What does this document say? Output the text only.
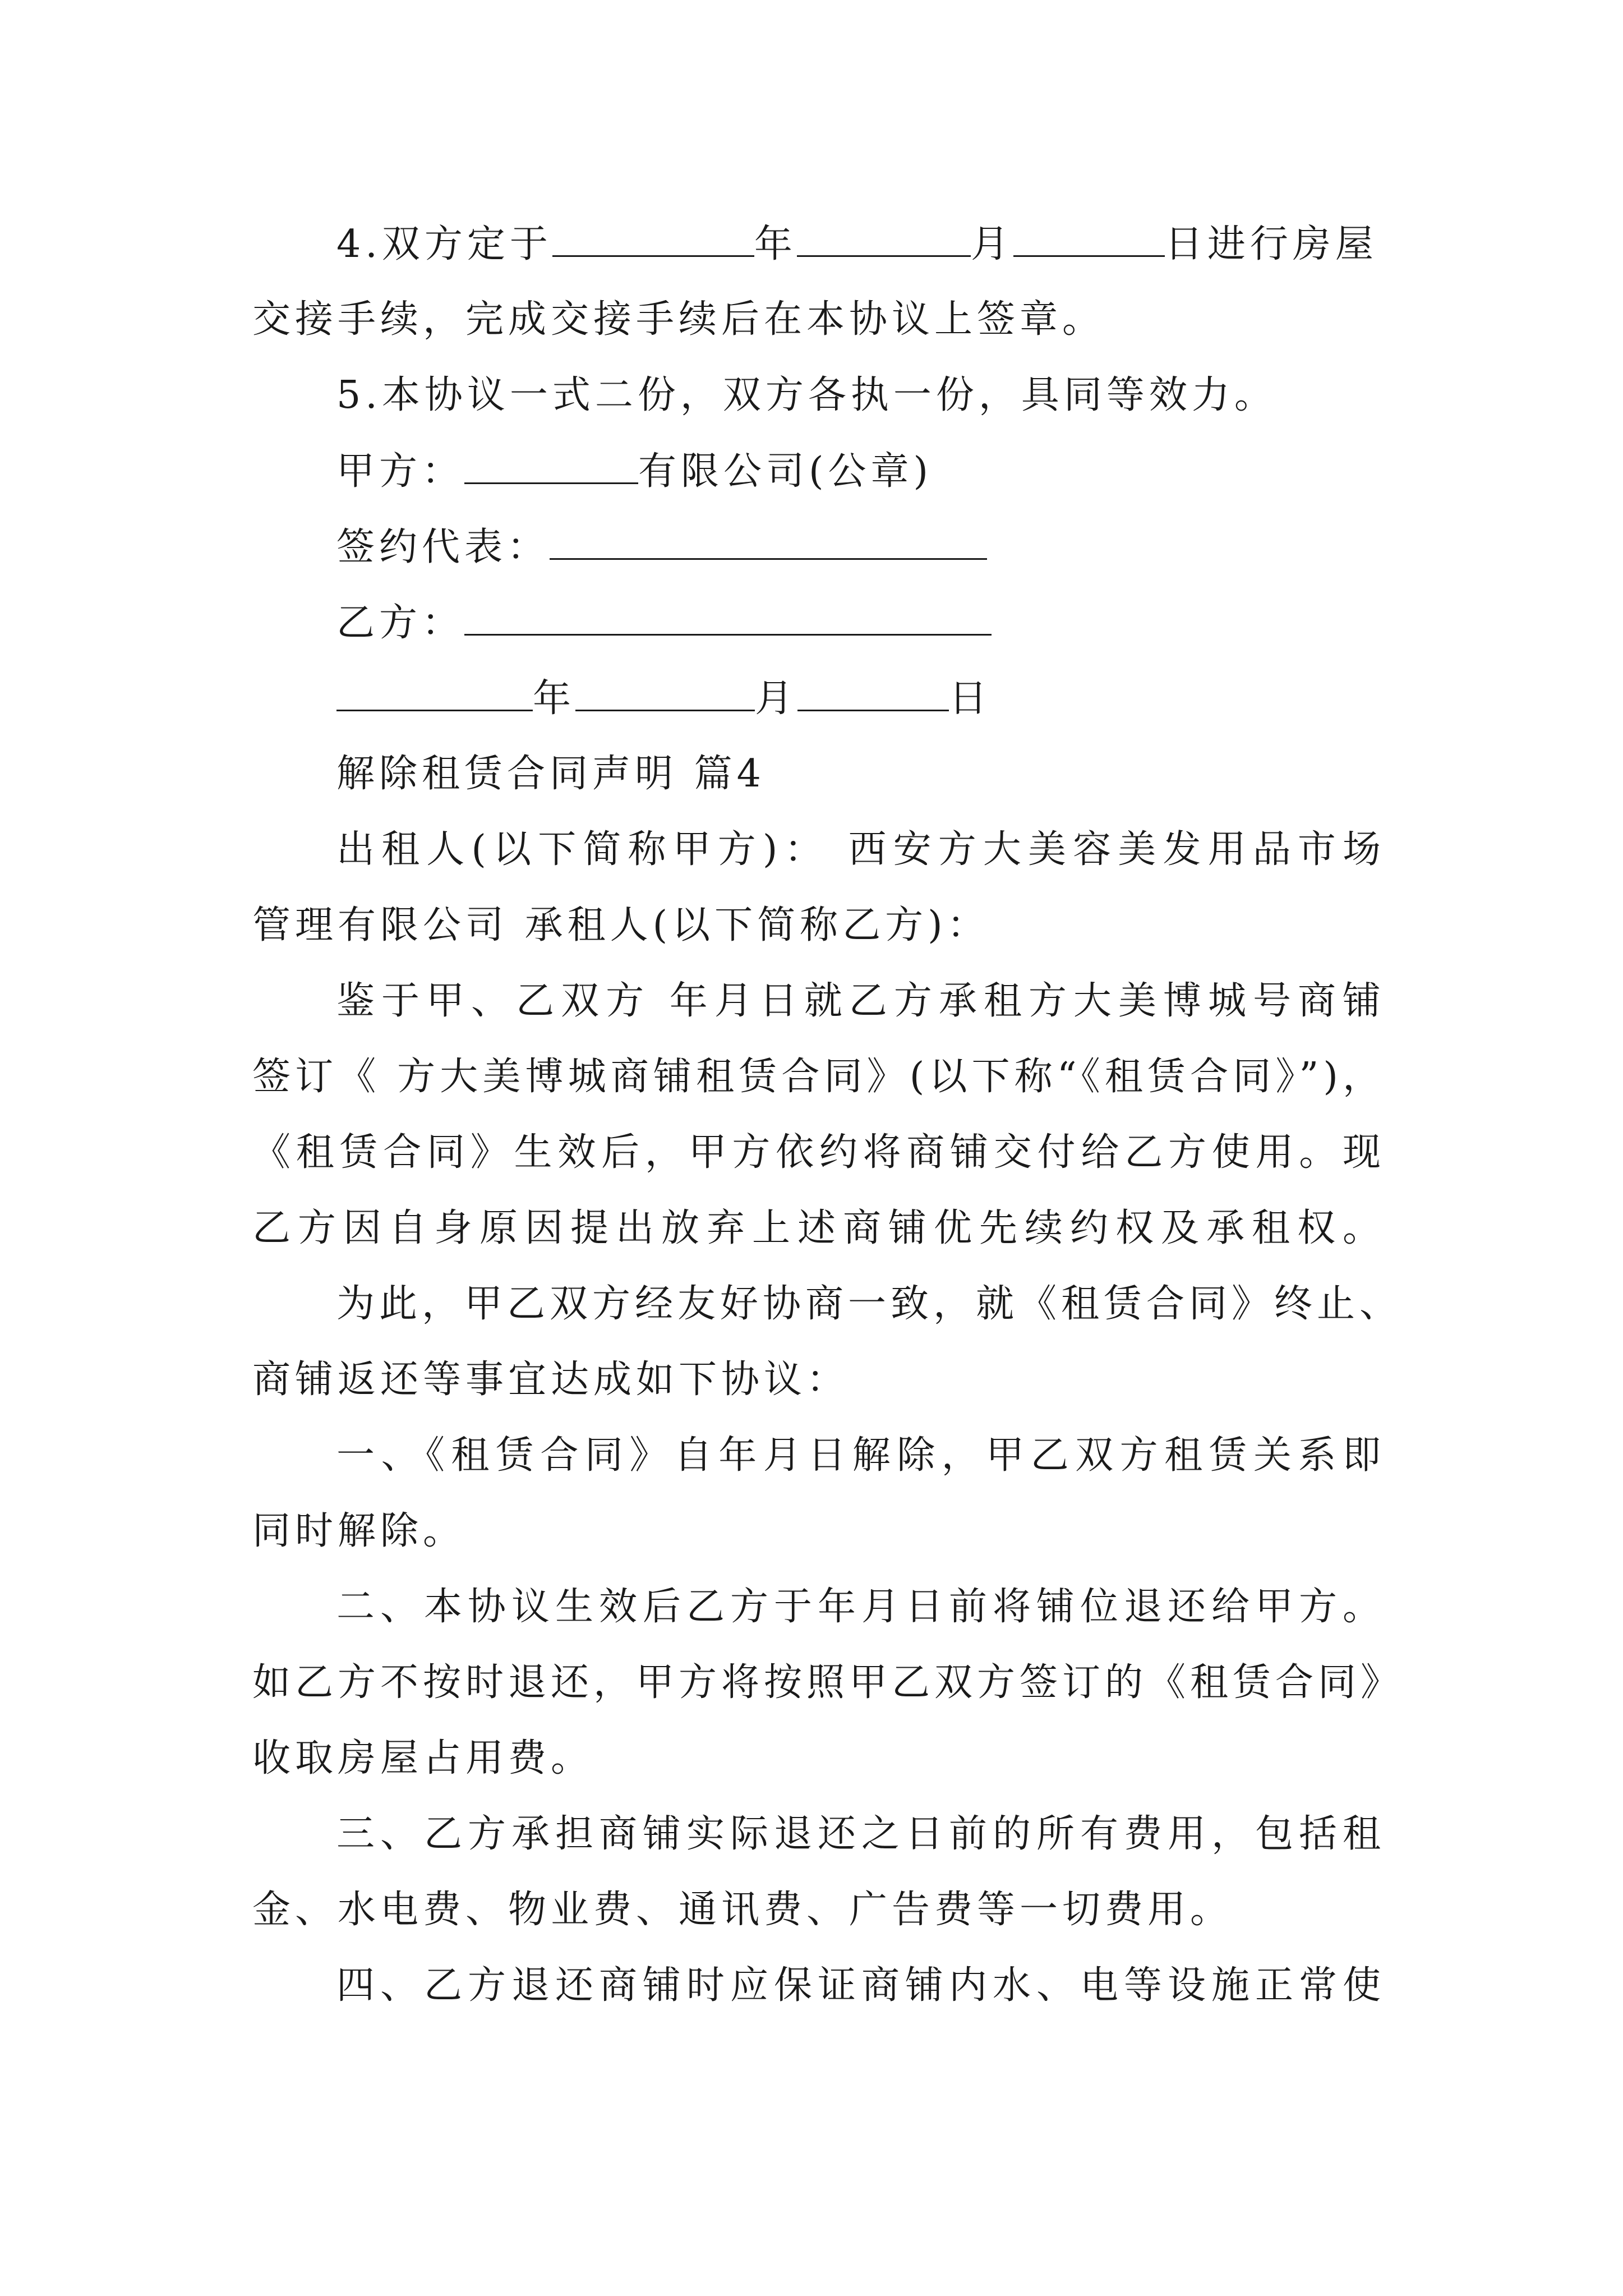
4.双方定于	年	月	日进行房屋
交接手续，完成交接手续后在本协议上签章。
5.本协议一式二份，双方各执一份，具同等效力。
甲方：	有限公司(公章)
签约代表：
乙方：
年	月	日
解除租赁合同声明 篇4
出租人(以下简称甲方)： 西安方大美容美发用品市场
管理有限公司 承租人(以下简称乙方)：
鉴于甲、乙双方 年月日就乙方承租方大美博城号商铺
签订《 方大美博城商铺租赁合同》(以下称“《租赁合同》”)，
《租赁合同》生效后，甲方依约将商铺交付给乙方使用。现
乙方因自身原因提出放弃上述商铺优先续约权及承租权。
为此，甲乙双方经友好协商一致，就《租赁合同》终止、
商铺返还等事宜达成如下协议：
一、《租赁合同》自年月日解除，甲乙双方租赁关系即
同时解除。
二、本协议生效后乙方于年月日前将铺位退还给甲方。
如乙方不按时退还，甲方将按照甲乙双方签订的《租赁合同》
收取房屋占用费。
三、乙方承担商铺实际退还之日前的所有费用，包括租
金、水电费、物业费、通讯费、广告费等一切费用。
四、乙方退还商铺时应保证商铺内水、电等设施正常使
